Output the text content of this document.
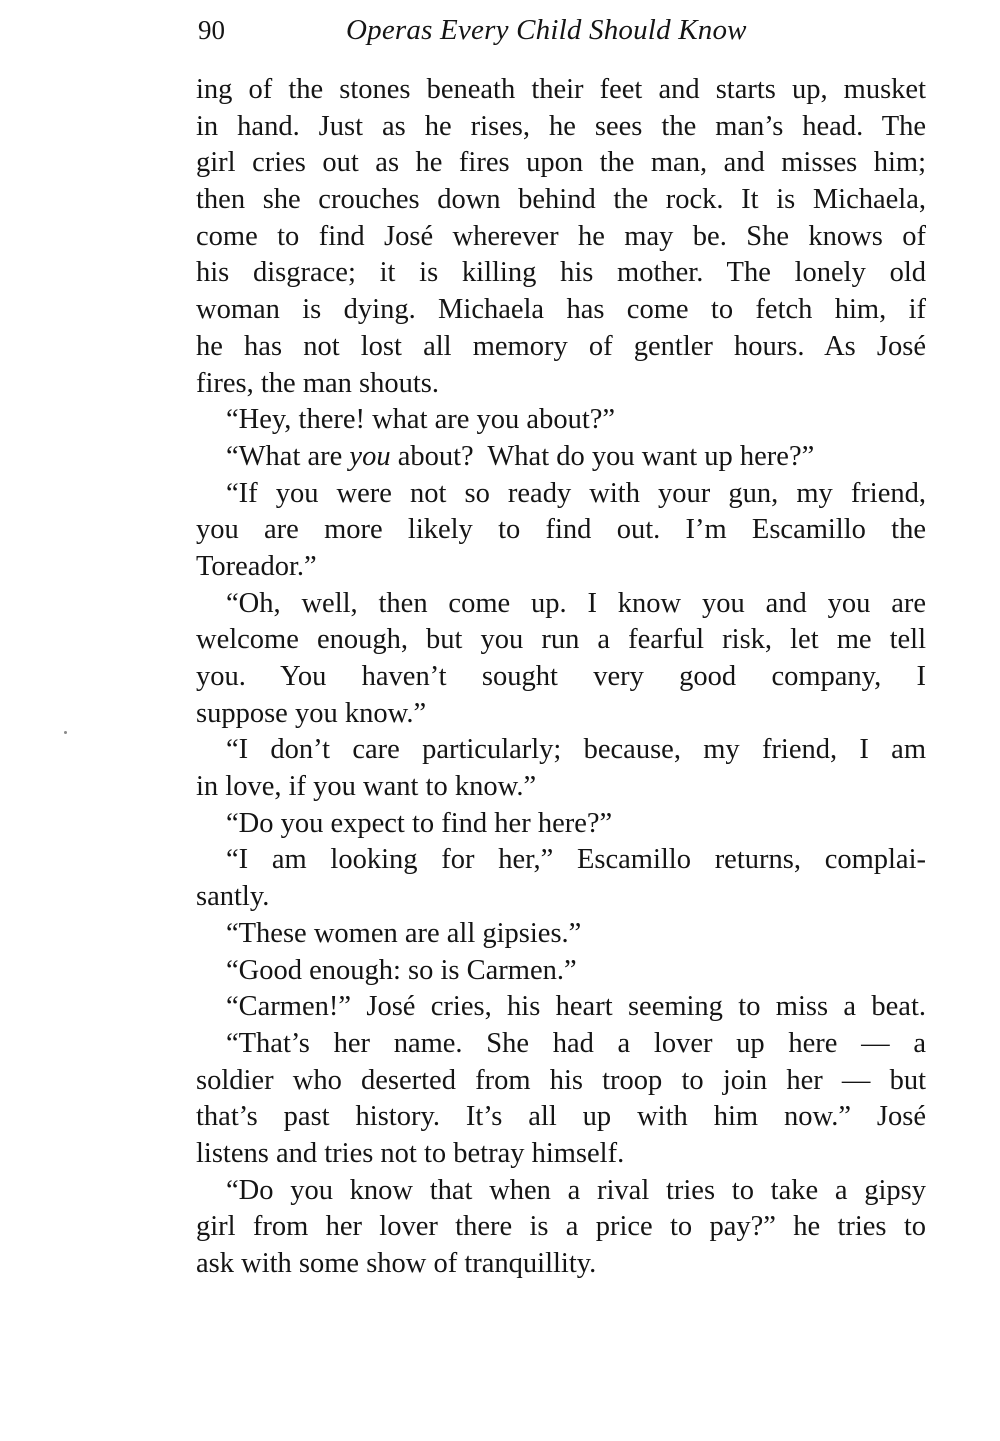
90	Operas Every Child Should Know
ing of the stones beneath their feet and starts up, musket
in hand. Just as he rises, he sees the man’s head. The
girl cries out as he fires upon the man, and misses him;
then she crouches down behind the rock. It is Michaela,
come to find José wherever he may be. She knows of
his disgrace; it is killing his mother. The lonely old
woman is dying. Michaela has come to fetch him, if
he has not lost all memory of gentler hours. As José
fires, the man shouts.
“Hey, there! what are you about?”
“What are you about?  What do you want up here?”
“If you were not so ready with your gun, my friend,
you are more likely to find out. I’m Escamillo the
Toreador.”
“Oh, well, then come up. I know you and you are
welcome enough, but you run a fearful risk, let me tell
you. You haven’t sought very good company, I
suppose you know.”
“I don’t care particularly; because, my friend, I am
in love, if you want to know.”
“Do you expect to find her here?”
“I am looking for her,” Escamillo returns, complai-
santly.
“These women are all gipsies.”
“Good enough: so is Carmen.”
“Carmen!” José cries, his heart seeming to miss a beat.
“That’s her name. She had a lover up here — a
soldier who deserted from his troop to join her — but
that’s past history. It’s all up with him now.” José
listens and tries not to betray himself.
“Do you know that when a rival tries to take a gipsy
girl from her lover there is a price to pay?” he tries to
ask with some show of tranquillity.
